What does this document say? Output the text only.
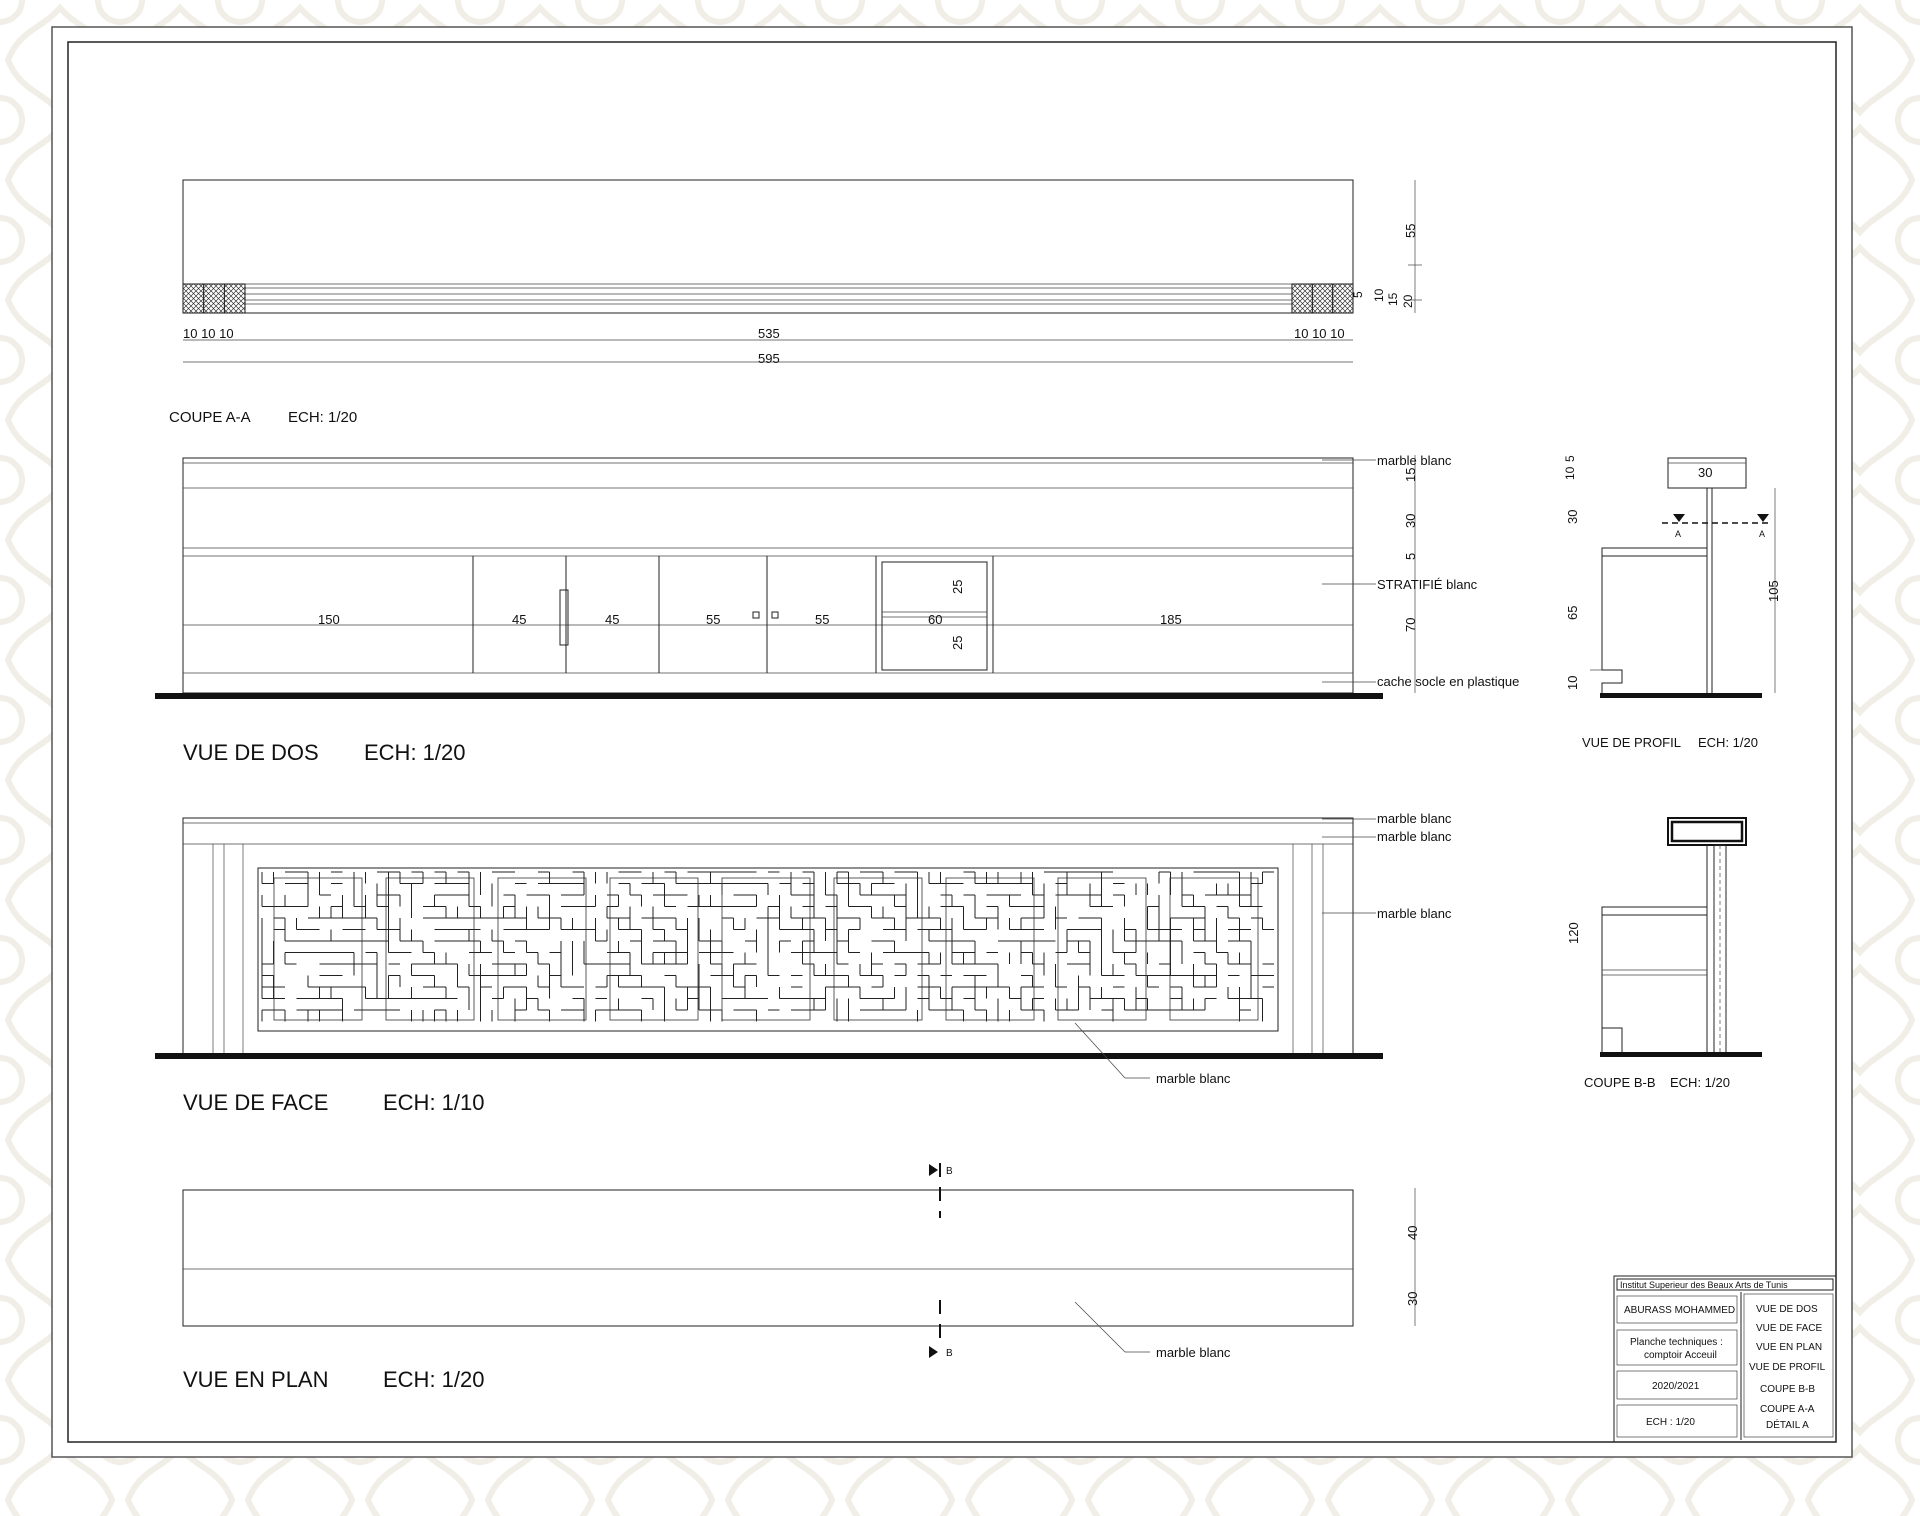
10 10 10	10 10 10
535
595
55
5 10 15 20
COUPE A-A ECH: 1/20
150	45	45	55	55	60	185
25
25
15
30
5
70
marble blanc
STRATIFIÉ blanc
cache socle en plastique
VUE DE DOS ECH: 1/20
30
A	A
5
10
30
65
10
105
VUE DE PROFIL ECH: 1/20
marble blanc
marble blanc
marble blanc
marble blanc
VUE DE FACE ECH: 1/10
120
COUPE B-B ECH: 1/20
B
B
40
30
marble blanc
VUE EN PLAN ECH: 1/20
Institut Superieur des Beaux Arts de Tunis
ABURASS MOHAMMED
Planche techniques :
comptoir Acceuil
2020/2021
ECH : 1/20
VUE DE DOS
VUE DE FACE
VUE EN PLAN
VUE DE PROFIL
COUPE B-B
COUPE A-A
DÉTAIL A
